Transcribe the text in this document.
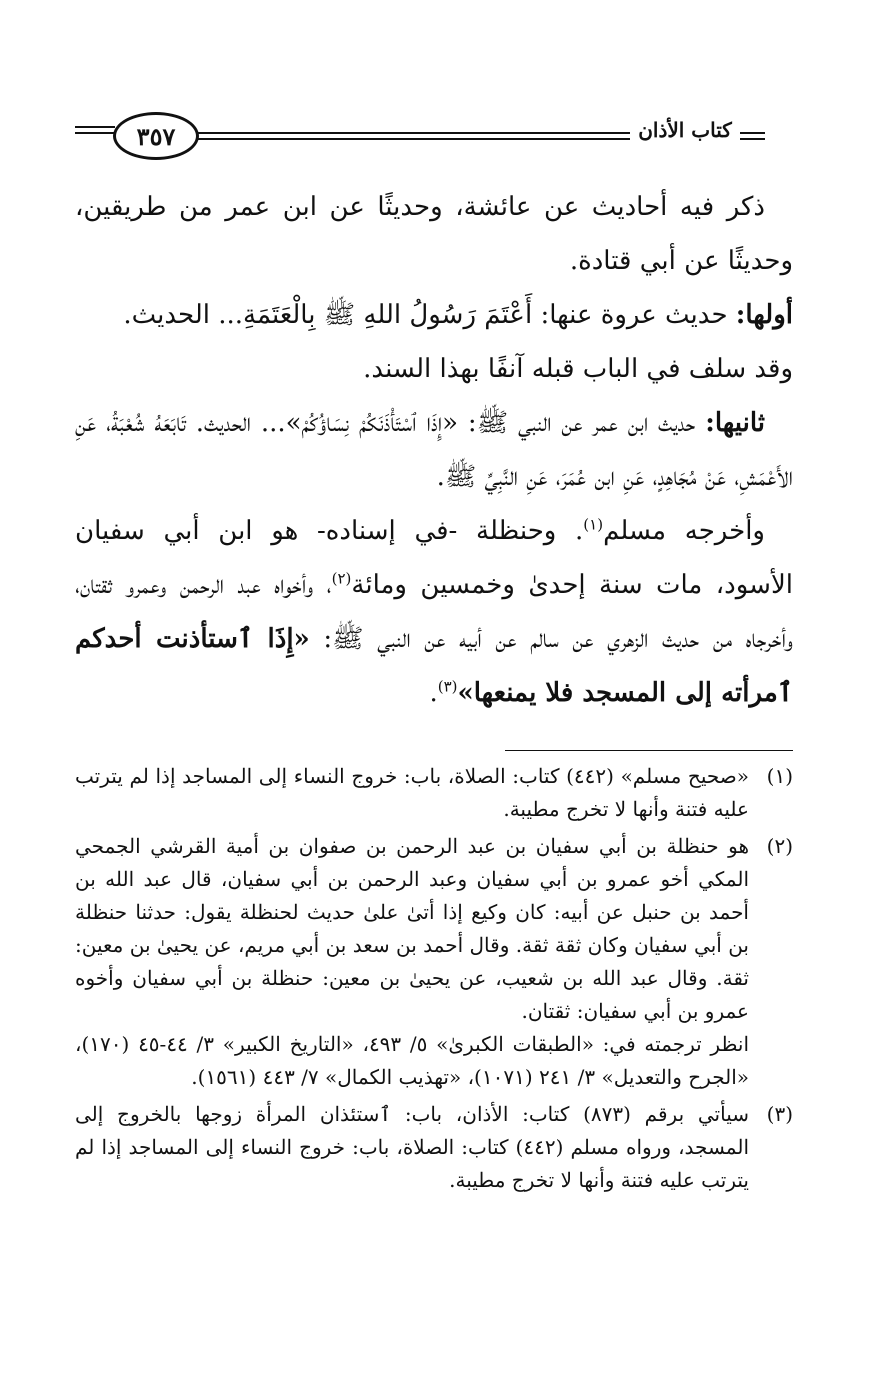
٣٥٧	كتاب الأذان

ذكر فيه أحاديث عن عائشة، وحديثًا عن ابن عمر من طريقين، وحديثًا عن أبي قتادة.

أولها: حديث عروة عنها: أَعْتَمَ رَسُولُ اللهِ ﷺ بِالْعَتَمَةِ... الحديث.

وقد سلف في الباب قبله آنفًا بهذا السند.

ثانيها: حديث ابن عمر عن النبي ﷺ: «إِذَا ٱسْتَأْذَنَكُمْ نِسَاؤُكُمْ»... الحديث. تَابَعَهُ شُعْبَةُ، عَنِ الأَعْمَشِ، عَنْ مُجَاهِدٍ، عَنِ ابن عُمَرَ، عَنِ النَّبِيِّ ﷺ.

وأخرجه مسلم$^{(١)}$. وحنظلة -في إسناده- هو ابن أبي سفيان الأسود، مات سنة إحدىٰ وخمسين ومائة$^{(٢)}$، وأخواه عبد الرحمن وعمرو ثقتان، وأخرجاه من حديث الزهري عن سالم عن أبيه عن النبي ﷺ: «إِذَا ٱستأذنت أحدكم ٱمرأته إلى المسجد فلا يمنعها»$^{(٣)}$.

(١)

«صحيح مسلم» (٤٤٢) كتاب: الصلاة، باب: خروج النساء إلى المساجد إذا لم يترتب عليه فتنة وأنها لا تخرج مطيبة.

(٢)

هو حنظلة بن أبي سفيان بن عبد الرحمن بن صفوان بن أمية القرشي الجمحي المكي أخو عمرو بن أبي سفيان وعبد الرحمن بن أبي سفيان، قال عبد الله بن أحمد بن حنبل عن أبيه: كان وكيع إذا أتىٰ علىٰ حديث لحنظلة يقول: حدثنا حنظلة بن أبي سفيان وكان ثقة ثقة. وقال أحمد بن سعد بن أبي مريم، عن يحيىٰ بن معين: ثقة. وقال عبد الله بن شعيب، عن يحيىٰ بن معين: حنظلة بن أبي سفيان وأخوه عمرو بن أبي سفيان: ثقتان.

انظر ترجمته في: «الطبقات الكبرىٰ» ٥/ ٤٩٣، «التاريخ الكبير» ٣/ ٤٤-٤٥ (١٧٠)، «الجرح والتعديل» ٣/ ٢٤١ (١٠٧١)، «تهذيب الكمال» ٧/ ٤٤٣ (١٥٦١).

(٣)

سيأتي برقم (٨٧٣) كتاب: الأذان، باب: ٱستئذان المرأة زوجها بالخروج إلى المسجد، ورواه مسلم (٤٤٢) كتاب: الصلاة، باب: خروج النساء إلى المساجد إذا لم يترتب عليه فتنة وأنها لا تخرج مطيبة.
